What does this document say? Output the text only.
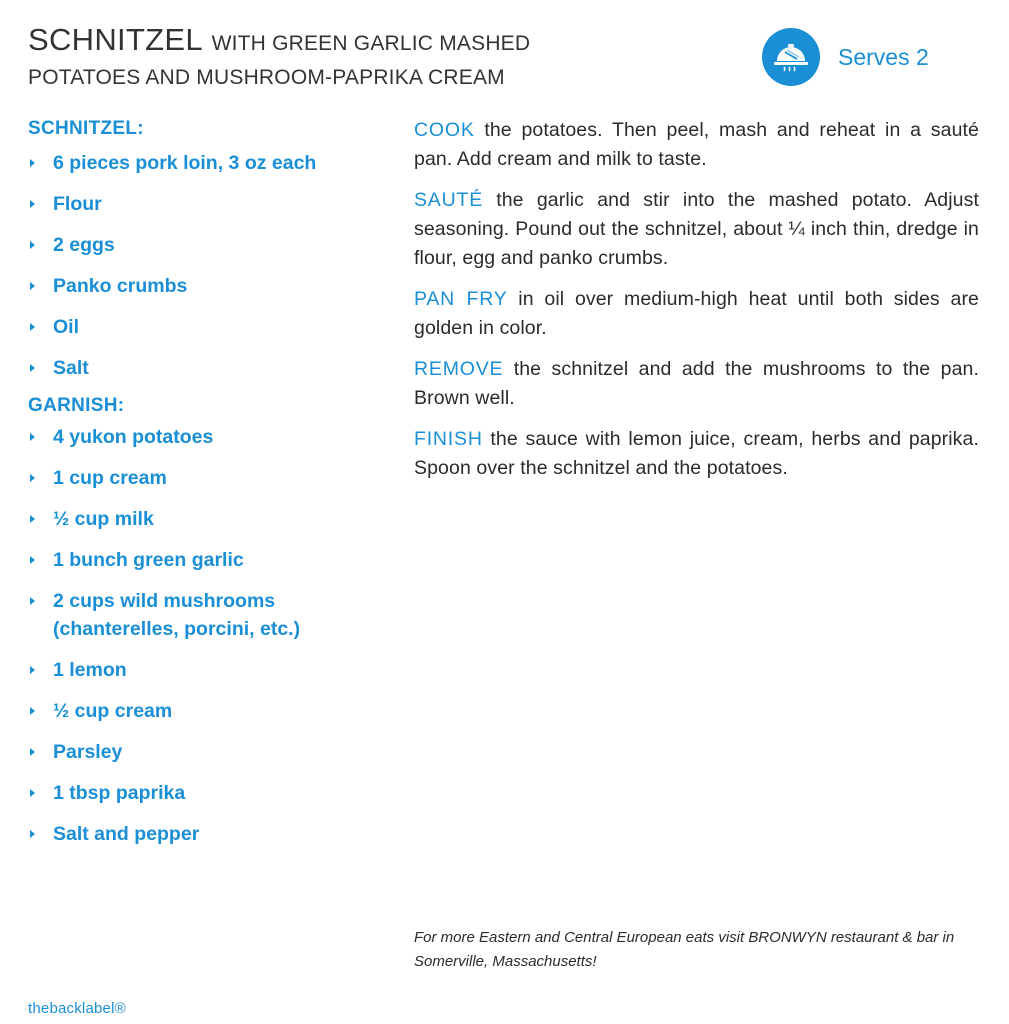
SCHNITZEL WITH GREEN GARLIC MASHED
POTATOES AND MUSHROOM-PAPRIKA CREAM
Serves 2
SCHNITZEL:
6 pieces pork loin, 3 oz each
Flour
2 eggs
Panko crumbs
Oil
Salt
GARNISH:
4 yukon potatoes
1 cup cream
½ cup milk
1 bunch green garlic
2 cups wild mushrooms
(chanterelles, porcini, etc.)
1 lemon
½ cup cream
Parsley
1 tbsp paprika
Salt and pepper

COOK the potatoes. Then peel, mash and reheat in a sauté pan. Add cream and milk to taste.

SAUTÉ the garlic and stir into the mashed potato. Adjust seasoning. Pound out the schnitzel, about ¼ inch thin, dredge in flour, egg and panko crumbs.

PAN FRY in oil over medium-high heat until both sides are golden in color.

REMOVE the schnitzel and add the mushrooms to the pan. Brown well.

FINISH the sauce with lemon juice, cream, herbs and paprika. Spoon over the schnitzel and the potatoes.

For more Eastern and Central European eats visit BRONWYN restaurant & bar in Somerville, Massachusetts!
thebacklabel®
